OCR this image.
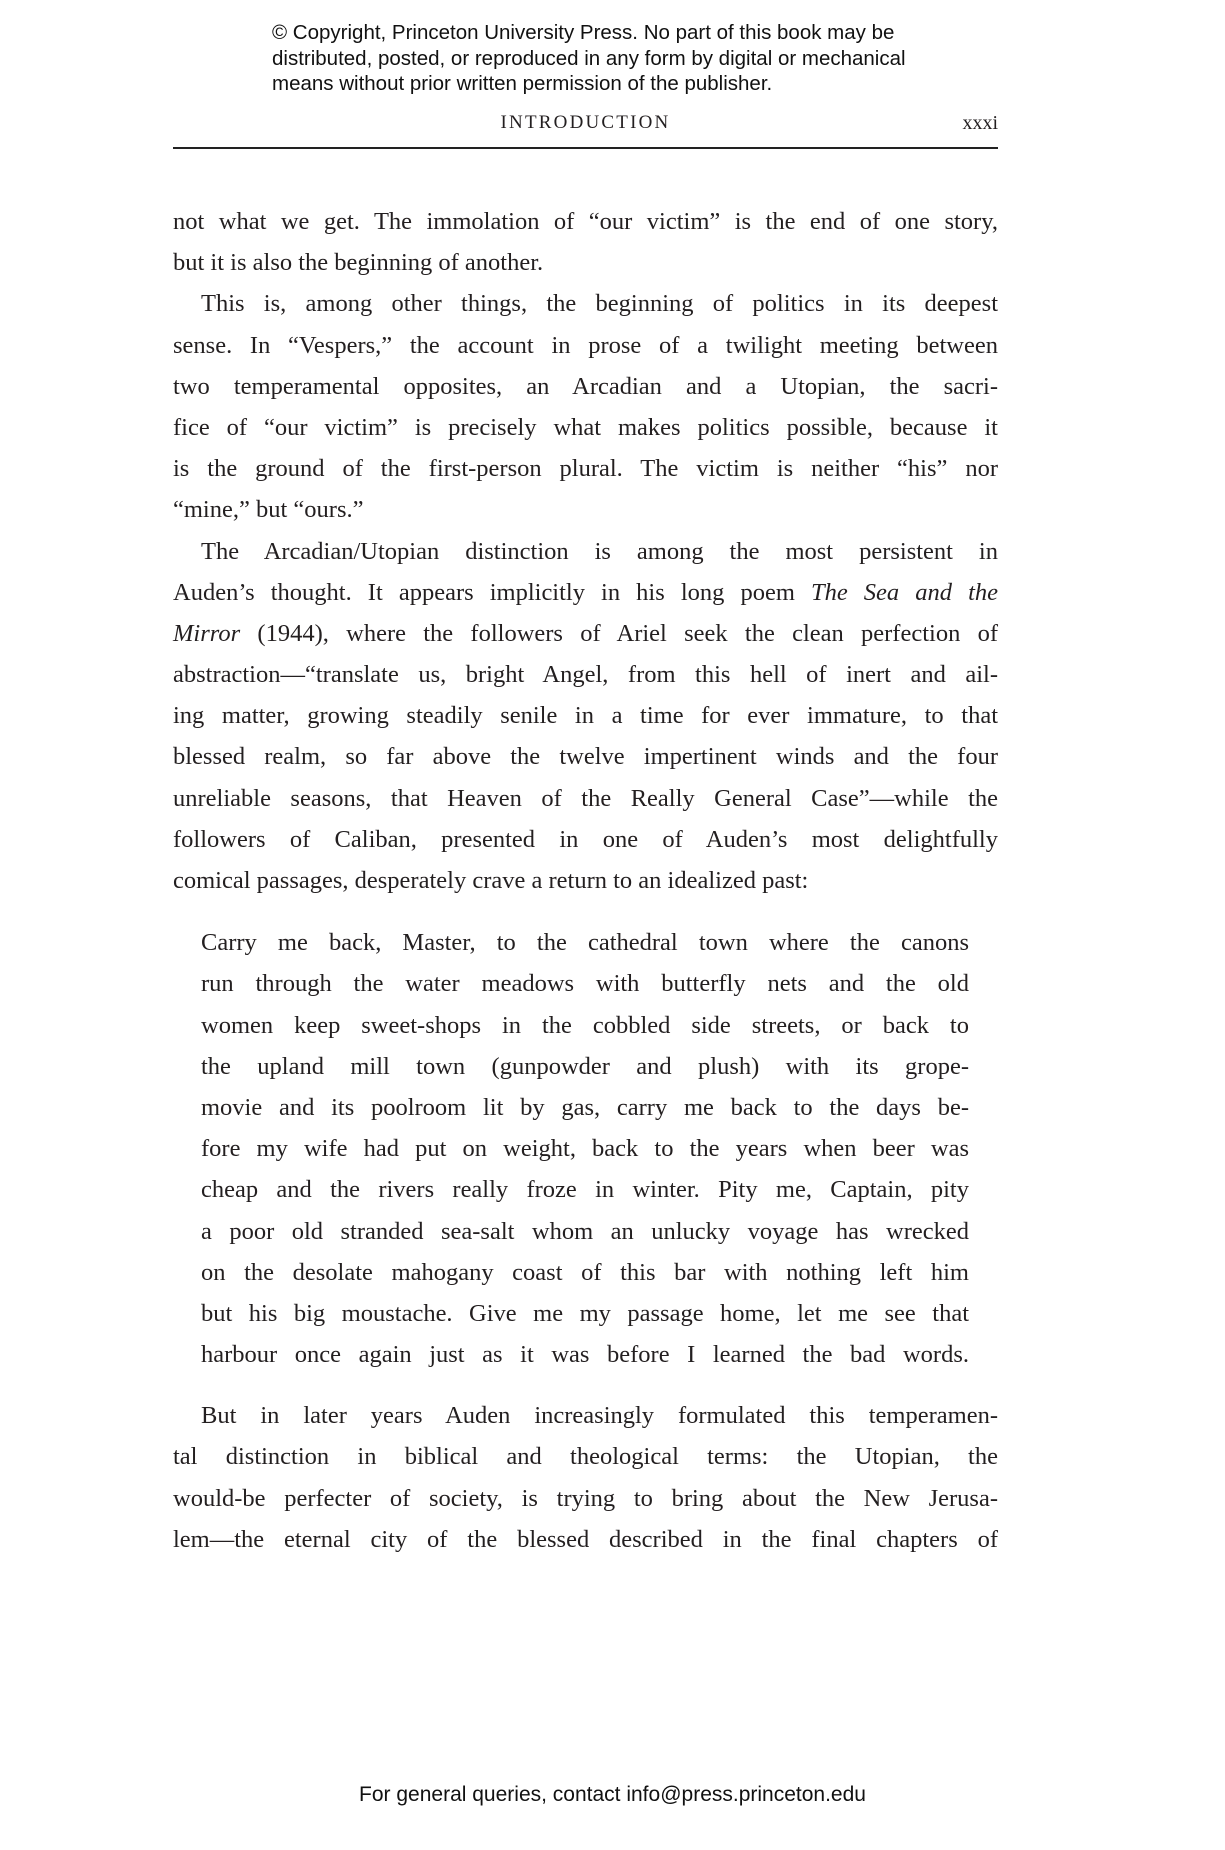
© Copyright, Princeton University Press. No part of this book may be
distributed, posted, or reproduced in any form by digital or mechanical
means without prior written permission of the publisher.
INTRODUCTION	xxxi
not what we get. The immolation of “our victim” is the end of one story,
but it is also the beginning of another.
This is, among other things, the beginning of politics in its deepest
sense. In “Vespers,” the account in prose of a twilight meeting between
two temperamental opposites, an Arcadian and a Utopian, the sacri-
fice of “our victim” is precisely what makes politics possible, because it
is the ground of the first-person plural. The victim is neither “his” nor
“mine,” but “ours.”
The Arcadian/Utopian distinction is among the most persistent in
Auden’s thought. It appears implicitly in his long poem The Sea and the
Mirror (1944), where the followers of Ariel seek the clean perfection of
abstraction—“translate us, bright Angel, from this hell of inert and ail-
ing matter, growing steadily senile in a time for ever immature, to that
blessed realm, so far above the twelve impertinent winds and the four
unreliable seasons, that Heaven of the Really General Case”—while the
followers of Caliban, presented in one of Auden’s most delightfully
comical passages, desperately crave a return to an idealized past:
Carry me back, Master, to the cathedral town where the canons
run through the water meadows with butterfly nets and the old
women keep sweet-shops in the cobbled side streets, or back to
the upland mill town (gunpowder and plush) with its grope-
movie and its poolroom lit by gas, carry me back to the days be-
fore my wife had put on weight, back to the years when beer was
cheap and the rivers really froze in winter. Pity me, Captain, pity
a poor old stranded sea-salt whom an unlucky voyage has wrecked
on the desolate mahogany coast of this bar with nothing left him
but his big moustache. Give me my passage home, let me see that
harbour once again just as it was before I learned the bad words.
But in later years Auden increasingly formulated this temperamen-
tal distinction in biblical and theological terms: the Utopian, the
would-be perfecter of society, is trying to bring about the New Jerusa-
lem—the eternal city of the blessed described in the final chapters of
For general queries, contact info@press.princeton.edu
